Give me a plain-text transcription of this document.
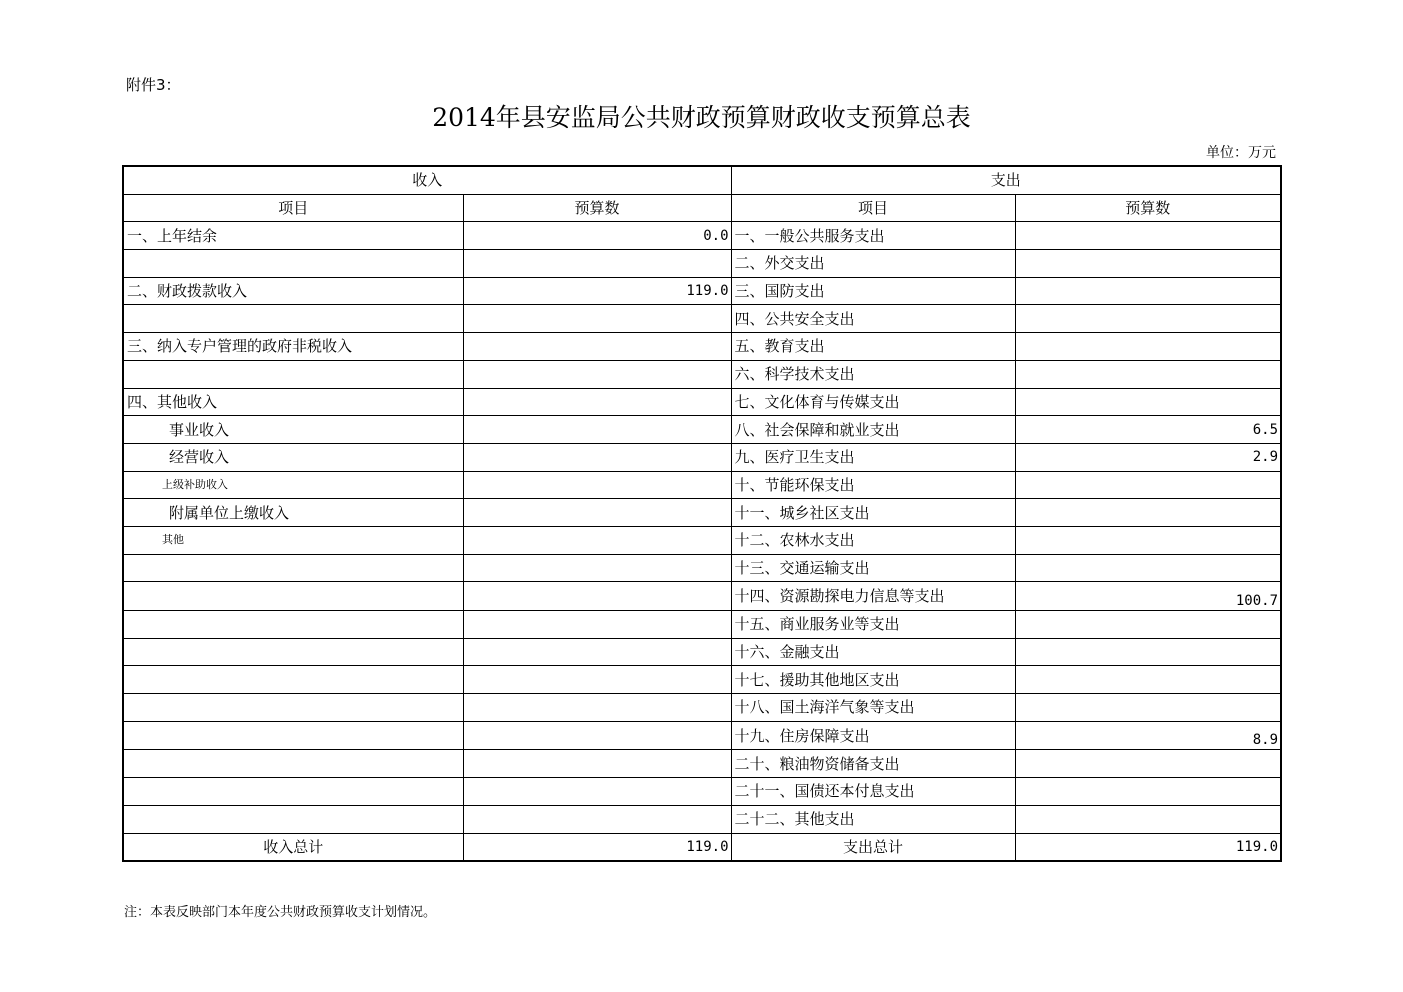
附件3：
2014年县安监局公共财政预算财政收支预算总表
单位：万元
收入		支出	
项目	预算数	项目	预算数
一、上年结余	0.0	一、一般公共服务支出	
		二、外交支出	
二、财政拨款收入	119.0	三、国防支出	
		四、公共安全支出	
三、纳入专户管理的政府非税收入		五、教育支出	
		六、科学技术支出	
四、其他收入		七、文化体育与传媒支出	
事业收入		八、社会保障和就业支出	6.5
经营收入		九、医疗卫生支出	2.9
上级补助收入		十、节能环保支出	
附属单位上缴收入		十一、城乡社区支出	
其他		十二、农林水支出	
		十三、交通运输支出	
		十四、资源勘探电力信息等支出	100.7
		十五、商业服务业等支出	
		十六、金融支出	
		十七、援助其他地区支出	
		十八、国土海洋气象等支出	
		十九、住房保障支出	8.9
		二十、粮油物资储备支出	
		二十一、国债还本付息支出	
		二十二、其他支出	
收入总计	119.0	支出总计	119.0
注：本表反映部门本年度公共财政预算收支计划情况。
